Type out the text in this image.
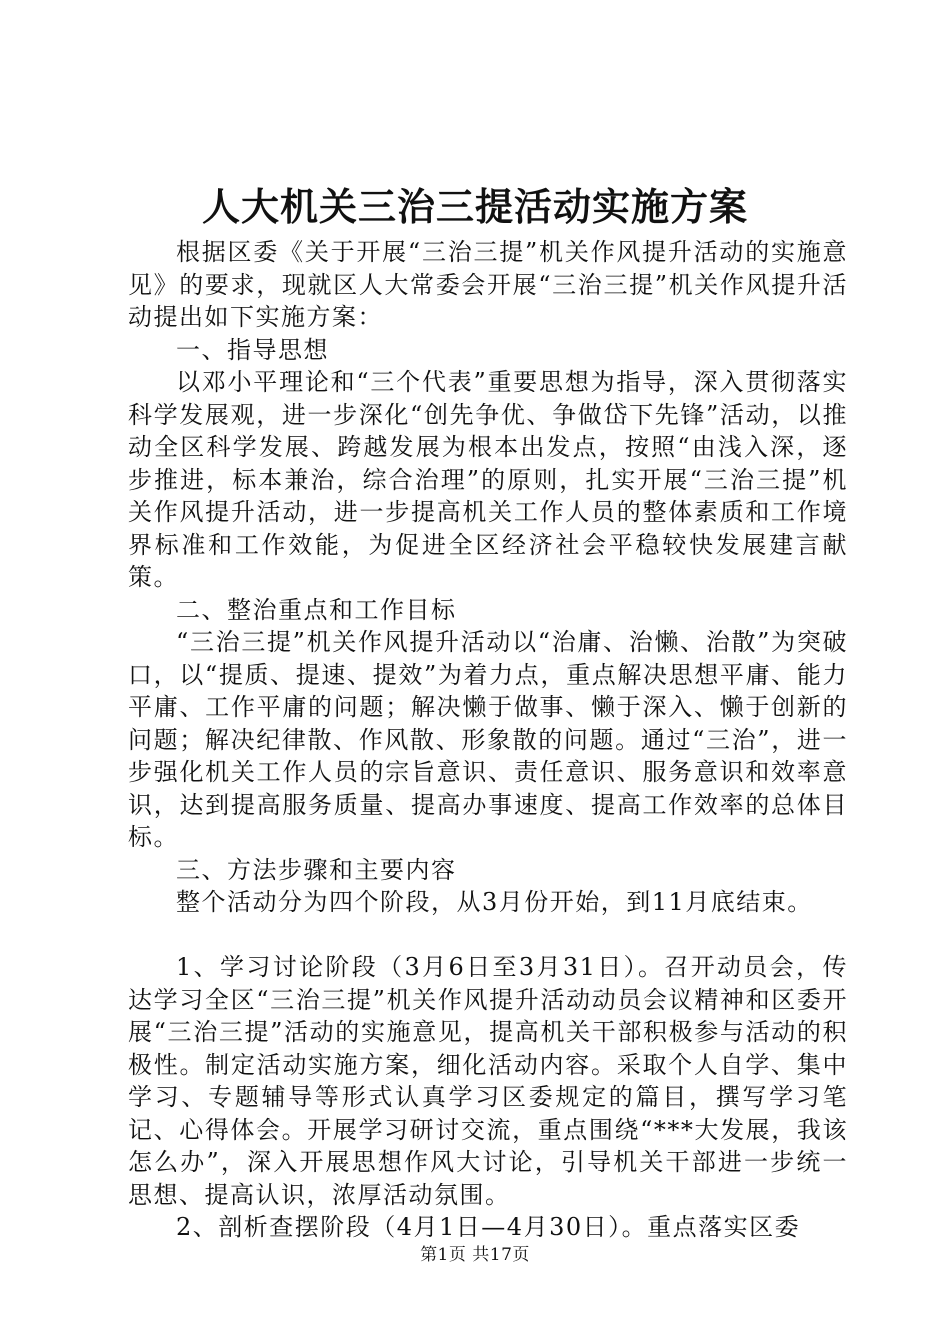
人大机关三治三提活动实施方案

根据区委《关于开展“三治三提”机关作风提升活动的实施意见》的要求，现就区人大常委会开展“三治三提”机关作风提升活动提出如下实施方案：

一、指导思想

以邓小平理论和“三个代表”重要思想为指导，深入贯彻落实科学发展观，进一步深化“创先争优、争做岱下先锋”活动，以推动全区科学发展、跨越发展为根本出发点，按照“由浅入深，逐步推进，标本兼治，综合治理”的原则，扎实开展“三治三提”机关作风提升活动，进一步提高机关工作人员的整体素质和工作境界标准和工作效能，为促进全区经济社会平稳较快发展建言献策。

二、整治重点和工作目标

“三治三提”机关作风提升活动以“治庸、治懒、治散”为突破口，以“提质、提速、提效”为着力点，重点解决思想平庸、能力平庸、工作平庸的问题；解决懒于做事、懒于深入、懒于创新的问题；解决纪律散、作风散、形象散的问题。通过“三治”，进一步强化机关工作人员的宗旨意识、责任意识、服务意识和效率意识，达到提高服务质量、提高办事速度、提高工作效率的总体目标。

三、方法步骤和主要内容

整个活动分为四个阶段，从3月份开始，到11月底结束。

1、学习讨论阶段（3月6日至3月31日）。召开动员会，传达学习全区“三治三提”机关作风提升活动动员会议精神和区委开展“三治三提”活动的实施意见，提高机关干部积极参与活动的积极性。制定活动实施方案，细化活动内容。采取个人自学、集中学习、专题辅导等形式认真学习区委规定的篇目，撰写学习笔记、心得体会。开展学习研讨交流，重点围绕“***大发展，我该怎么办”，深入开展思想作风大讨论，引导机关干部进一步统一思想、提高认识，浓厚活动氛围。

2、剖析查摆阶段（4月1日—4月30日）。重点落实区委

第1页 共17页
